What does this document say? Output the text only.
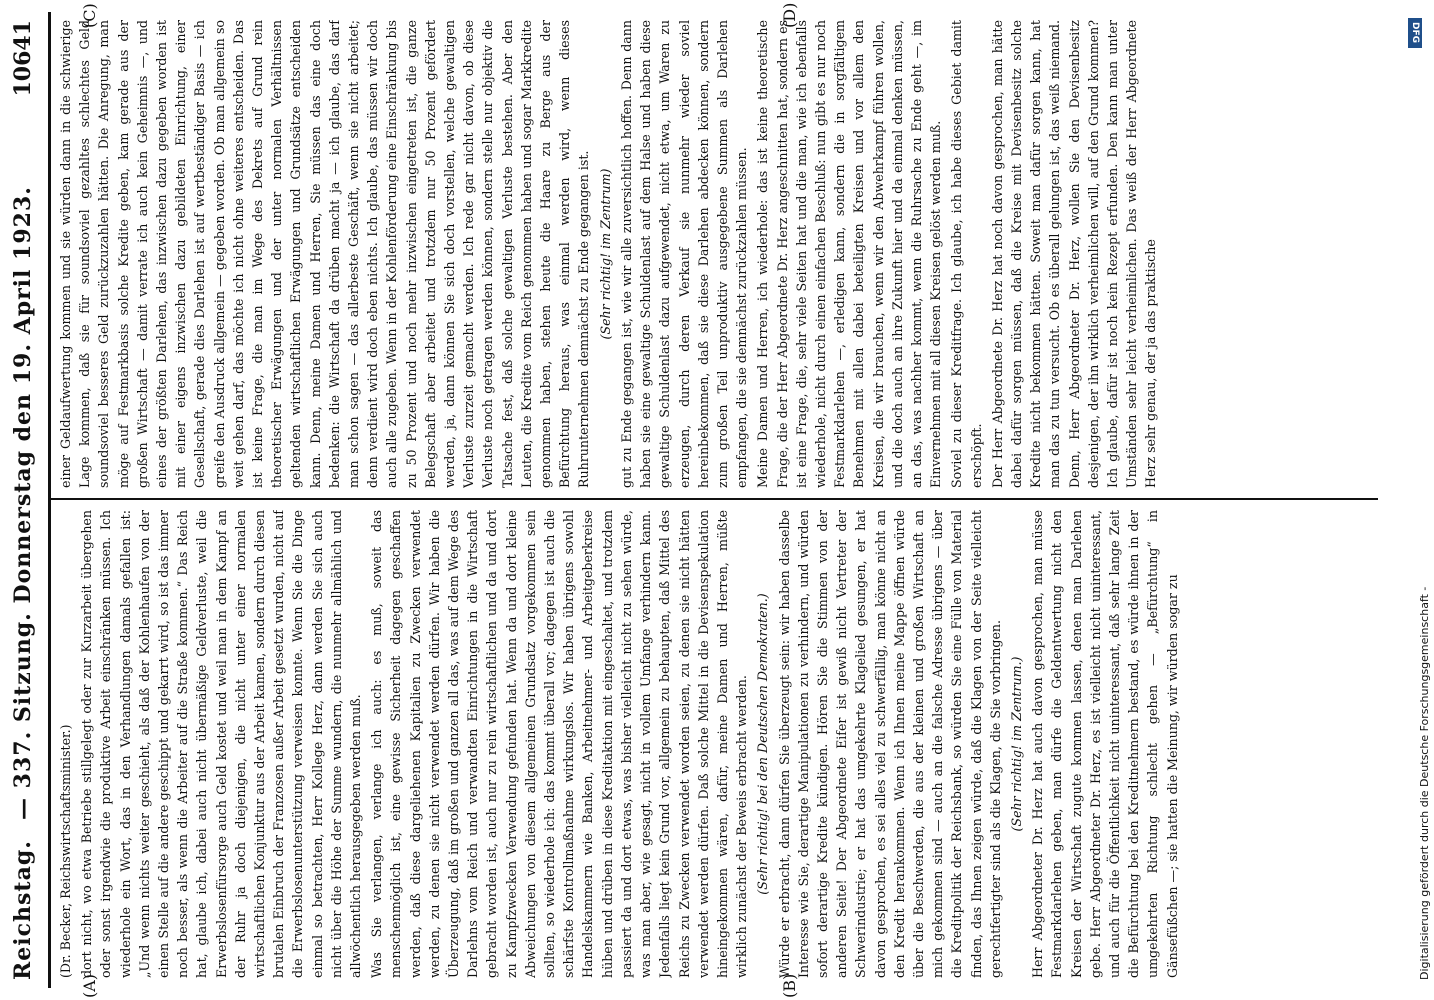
Reichstag.
— 337. Sitzung. Donnerstag den 19. April 1923.
10641
(A)	(B)
(C)	(D)

(Dr. Becker, Reichswirtschaftsminister.) dort nicht, wo etwa Betriebe stillgelegt oder zur Kurzarbeit übergehen oder sonst irgendwie die produktive Arbeit einschränken müssen. Ich wiederhole ein Wort, das in den Verhandlungen damals gefallen ist: „Und wenn nichts weiter geschieht, als daß der Kohlenhaufen von der einen Stelle auf die andere geschippt und gekarrt wird, so ist das immer noch besser, als wenn die Arbeiter auf die Straße kommen.“ Das Reich hat, glaube ich, dabei auch nicht übermäßige Geldverluste, weil die Erwerbslosenfürsorge auch Geld kostet und weil man in dem Kampf an der Ruhr ja doch diejenigen, die nicht unter einer normalen wirtschaftlichen Konjunktur aus der Arbeit kamen, sondern durch diesen brutalen Einbruch der Franzosen außer Arbeit gesetzt wurden, nicht auf die Erwerbslosenunterstützung verweisen konnte. Wenn Sie die Dinge einmal so betrachten, Herr Kollege Herz, dann werden Sie sich auch nicht über die Höhe der Summe wundern, die nunmehr allmählich und allwöchentlich herausgegeben werden muß. Was Sie verlangen, verlange ich auch: es muß, soweit das menschenmöglich ist, eine gewisse Sicherheit dagegen geschaffen werden, daß diese dargeliehenen Kapitalien zu Zwecken verwendet werden, zu denen sie nicht verwendet werden dürfen. Wir haben die Überzeugung, daß im großen und ganzen all das, was auf dem Wege des Darlehns vom Reich und verwandten Einrichtungen in die Wirtschaft gebracht worden ist, auch nur zu rein wirtschaftlichen und da und dort zu Kampfzwecken Verwendung gefunden hat. Wenn da und dort kleine Abweichungen von diesem allgemeinen Grundsatz vorgekommen sein sollten, so wiederhole ich: das kommt überall vor; dagegen ist auch die schärfste Kontrollmaßnahme wirkungslos. Wir haben übrigens sowohl Handelskammern wie Banken, Arbeitnehmer- und Arbeitgeberkreise hüben und drüben in diese Kreditaktion mit eingeschaltet, und trotzdem passiert da und dort etwas, was bisher vielleicht nicht zu sehen würde, was man aber, wie gesagt, nicht in vollem Umfange verhindern kann. Jedenfalls liegt kein Grund vor, allgemein zu behaupten, daß Mittel des Reichs zu Zwecken verwendet worden seien, zu denen sie nicht hätten verwendet werden dürfen. Daß solche Mittel in die Devisenspekulation hineingekommen wären, dafür, meine Damen und Herren, müßte wirklich zunächst der Beweis erbracht werden. (Sehr richtig! bei den Deutschen Demokraten.) Würde er erbracht, dann dürfen Sie überzeugt sein: wir haben dasselbe Interesse wie Sie, derartige Manipulationen zu verhindern, und würden sofort derartige Kredite kündigen. Hören Sie die Stimmen von der anderen Seite! Der Abgeordnete Eifer ist gewiß nicht Vertreter der Schwerindustrie; er hat das umgekehrte Klagelied gesungen, er hat davon gesprochen, es sei alles viel zu schwerfällig, man könne nicht an den Kredit herankommen. Wenn ich Ihnen meine Mappe öffnen würde über die Beschwerden, die aus der kleinen und großen Wirtschaft an mich gekommen sind — auch an die falsche Adresse übrigens — über die Kreditpolitik der Reichsbank, so würden Sie eine Fülle von Material finden, das Ihnen zeigen würde, daß die Klagen von der Seite vielleicht gerechtfertigter sind als die Klagen, die Sie vorbringen. (Sehr richtig! im Zentrum.) Herr Abgeordneter Dr. Herz hat auch davon gesprochen, man müsse Festmarkdarlehen geben, man dürfe die Geldentwertung nicht den Kreisen der Wirtschaft zugute kommen lassen, denen man Darlehen gebe. Herr Abgeordneter Dr. Herz, es ist vielleicht nicht uninteressant, und auch für die Öffentlichkeit nicht uninteressant, daß sehr lange Zeit die Befürchtung bei den Kreditnehmern bestand, es würde ihnen in der umgekehrten Richtung schlecht gehen — „Befürchtung“ in Gänsefüßchen —; sie hatten die Meinung, wir würden sogar zu

einer Geldaufwertung kommen und sie würden dann in die schwierige Lage kommen, daß sie für soundsoviel gezahltes schlechtes Geld soundsoviel besseres Geld zurückzuzahlen hätten. Die Anregung, man möge auf Festmarkbasis solche Kredite geben, kam gerade aus der großen Wirtschaft — damit verrate ich auch kein Geheimnis —, und eines der größten Darlehen, das inzwischen dazu gegeben worden ist mit einer eigens inzwischen dazu gebildeten Einrichtung, einer Gesellschaft, gerade dies Darlehen ist auf wertbeständiger Basis — ich greife den Ausdruck allgemein — gegeben worden. Ob man allgemein so weit gehen darf, das möchte ich nicht ohne weiteres entscheiden. Das ist keine Frage, die man im Wege des Dekrets auf Grund rein theoretischer Erwägungen und der unter normalen Verhältnissen geltenden wirtschaftlichen Erwägungen und Grundsätze entscheiden kann. Denn, meine Damen und Herren, Sie müssen das eine doch bedenken: die Wirtschaft da drüben macht ja — ich glaube, das darf man schon sagen — das allerbeste Geschäft, wenn sie nicht arbeitet; denn verdient wird doch eben nichts. Ich glaube, das müssen wir doch auch alle zugeben. Wenn in der Kohlenförderung eine Einschränkung bis zu 50 Prozent und noch mehr inzwischen eingetreten ist, die ganze Belegschaft aber arbeitet und trotzdem nur 50 Prozent gefördert werden, ja, dann können Sie sich doch vorstellen, welche gewaltigen Verluste zurzeit gemacht werden. Ich rede gar nicht davon, ob diese Verluste noch getragen werden können, sondern stelle nur objektiv die Tatsache fest, daß solche gewaltigen Verluste bestehen. Aber den Leuten, die Kredite vom Reich genommen haben und sogar Markkredite genommen haben, stehen heute die Haare zu Berge aus der Befürchtung heraus, was einmal werden wird, wenn dieses Ruhrunternehmen demnächst zu Ende gegangen ist. (Sehr richtig! im Zentrum) gut zu Ende gegangen ist, wie wir alle zuversichtlich hoffen. Denn dann haben sie eine gewaltige Schuldenlast auf dem Halse und haben diese gewaltige Schuldenlast dazu aufgewendet, nicht etwa, um Waren zu erzeugen, durch deren Verkauf sie nunmehr wieder soviel hereinbekommen, daß sie diese Darlehen abdecken können, sondern zum großen Teil unproduktiv ausgegebene Summen als Darlehen empfangen, die sie demnächst zurückzahlen müssen. Meine Damen und Herren, ich wiederhole: das ist keine theoretische Frage, die der Herr Abgeordnete Dr. Herz angeschnitten hat, sondern es ist eine Frage, die, sehr viele Seiten hat und die man, wie ich ebenfalls wiederhole, nicht durch einen einfachen Beschluß: nun gibt es nur noch Festmarkdarlehen —, erledigen kann, sondern die in sorgfältigem Benehmen mit allen dabei beteiligten Kreisen und vor allem den Kreisen, die wir brauchen, wenn wir den Abwehrkampf führen wollen, und die doch auch an ihre Zukunft hier und da einmal denken müssen, an das, was nachher kommt, wenn die Ruhrsache zu Ende geht —, im Einvernehmen mit all diesen Kreisen gelöst werden muß. Soviel zu dieser Kreditfrage. Ich glaube, ich habe dieses Gebiet damit erschöpft. Der Herr Abgeordnete Dr. Herz hat noch davon gesprochen, man hätte dabei dafür sorgen müssen, daß die Kreise mit Devisenbesitz solche Kredite nicht bekommen hätten. Soweit man dafür sorgen kann, hat man das zu tun versucht. Ob es überall gelungen ist, das weiß niemand. Denn, Herr Abgeordneter Dr. Herz, wollen Sie den Devisenbesitz desjenigen, der ihn wirklich verheimlichen will, auf den Grund kommen? Ich glaube, dafür ist noch kein Rezept erfunden. Den kann man unter Umständen sehr leicht verheimlichen. Das weiß der Herr Abgeordnete Herz sehr genau, der ja das praktische

DFG
Digitalisierung gefördert durch die Deutsche Forschungsgemeinschaft -
